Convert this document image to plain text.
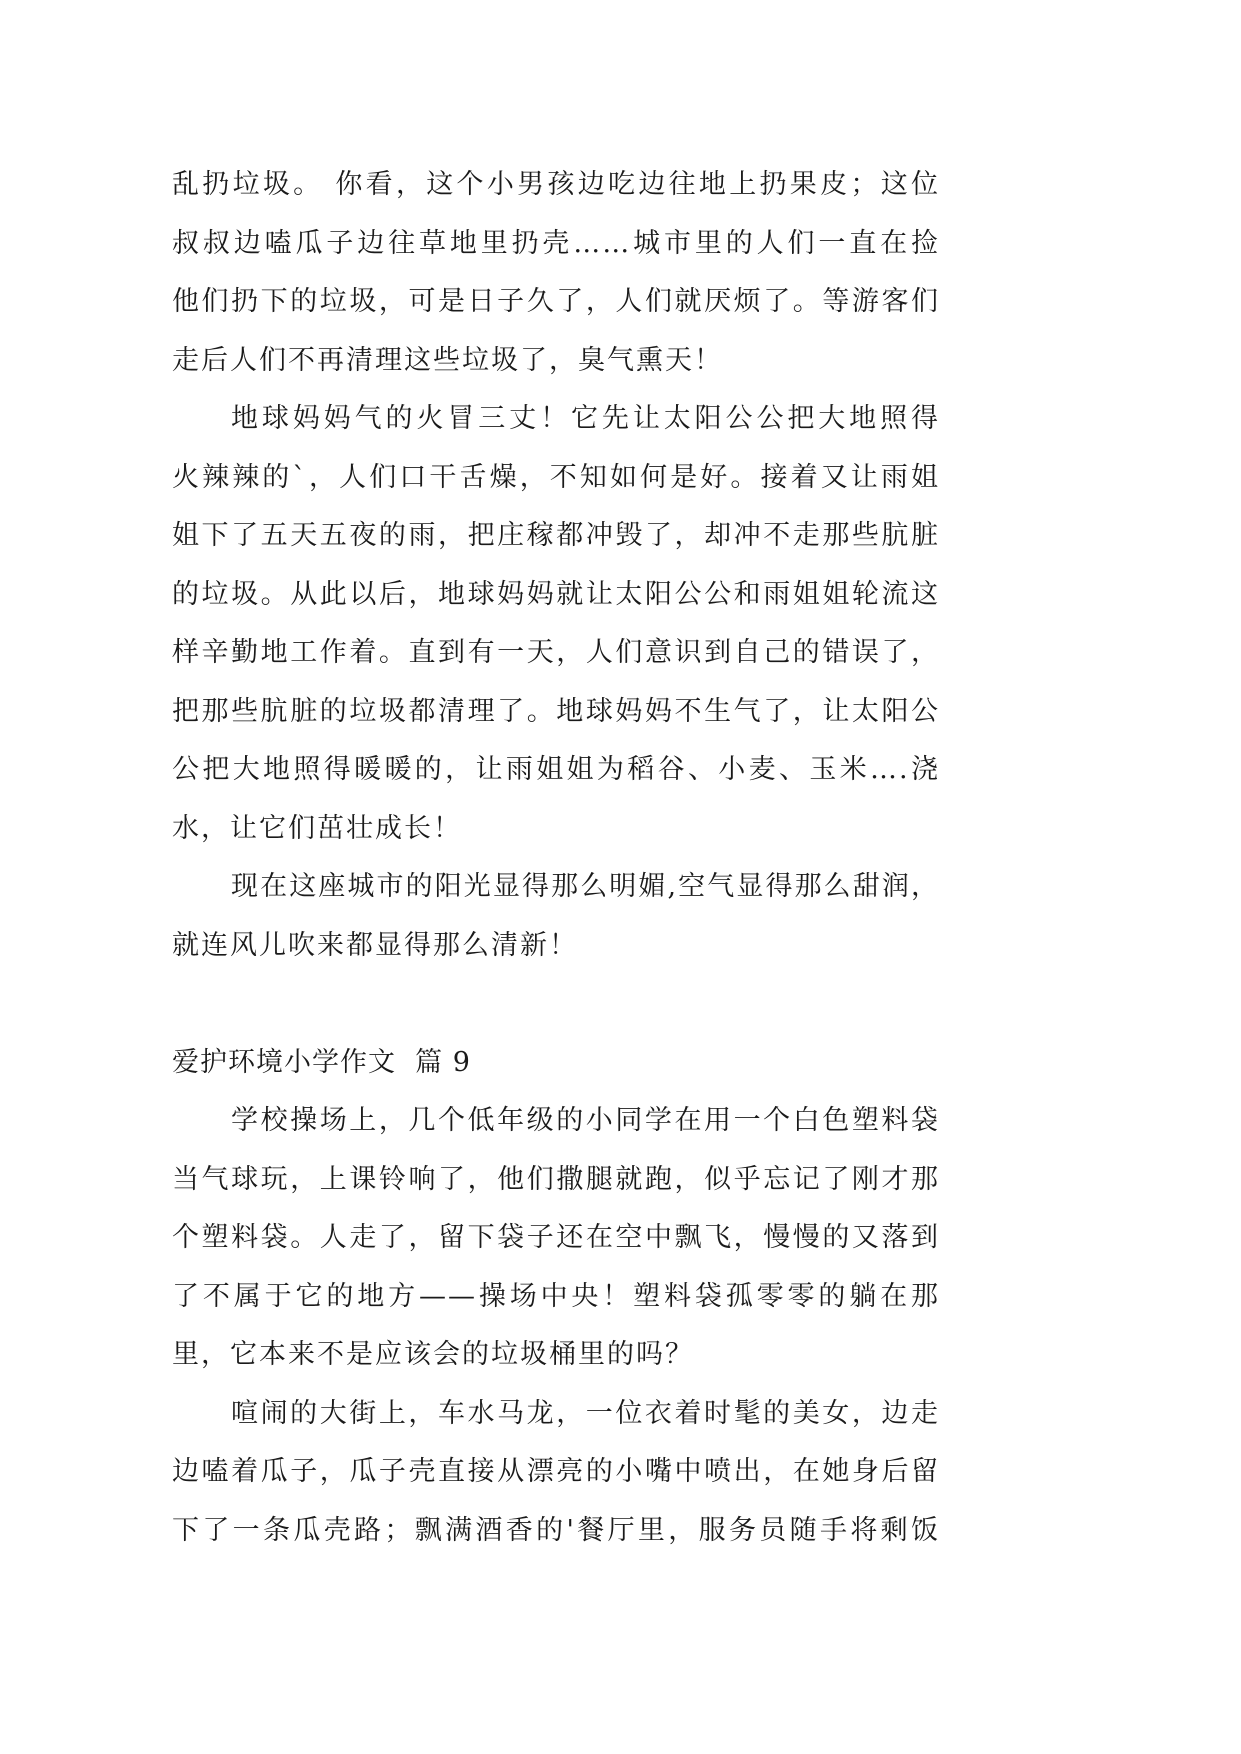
乱扔垃圾。 你看，这个小男孩边吃边往地上扔果皮；这位
叔叔边嗑瓜子边往草地里扔壳……城市里的人们一直在捡
他们扔下的垃圾，可是日子久了，人们就厌烦了。等游客们
走后人们不再清理这些垃圾了，臭气熏天！
地球妈妈气的火冒三丈！它先让太阳公公把大地照得
火辣辣的`，人们口干舌燥，不知如何是好。接着又让雨姐
姐下了五天五夜的雨，把庄稼都冲毁了，却冲不走那些肮脏
的垃圾。从此以后，地球妈妈就让太阳公公和雨姐姐轮流这
样辛勤地工作着。直到有一天，人们意识到自己的错误了，
把那些肮脏的垃圾都清理了。地球妈妈不生气了，让太阳公
公把大地照得暖暖的，让雨姐姐为稻谷、小麦、玉米….浇
水，让它们茁壮成长！
现在这座城市的阳光显得那么明媚,空气显得那么甜润，
就连风儿吹来都显得那么清新！
爱护环境小学作文  篇 9
学校操场上，几个低年级的小同学在用一个白色塑料袋
当气球玩，上课铃响了，他们撒腿就跑，似乎忘记了刚才那
个塑料袋。人走了，留下袋子还在空中飘飞，慢慢的又落到
了不属于它的地方——操场中央！塑料袋孤零零的躺在那
里，它本来不是应该会的垃圾桶里的吗？
喧闹的大街上，车水马龙，一位衣着时髦的美女，边走
边嗑着瓜子，瓜子壳直接从漂亮的小嘴中喷出，在她身后留
下了一条瓜壳路；飘满酒香的'餐厅里，服务员随手将剩饭
